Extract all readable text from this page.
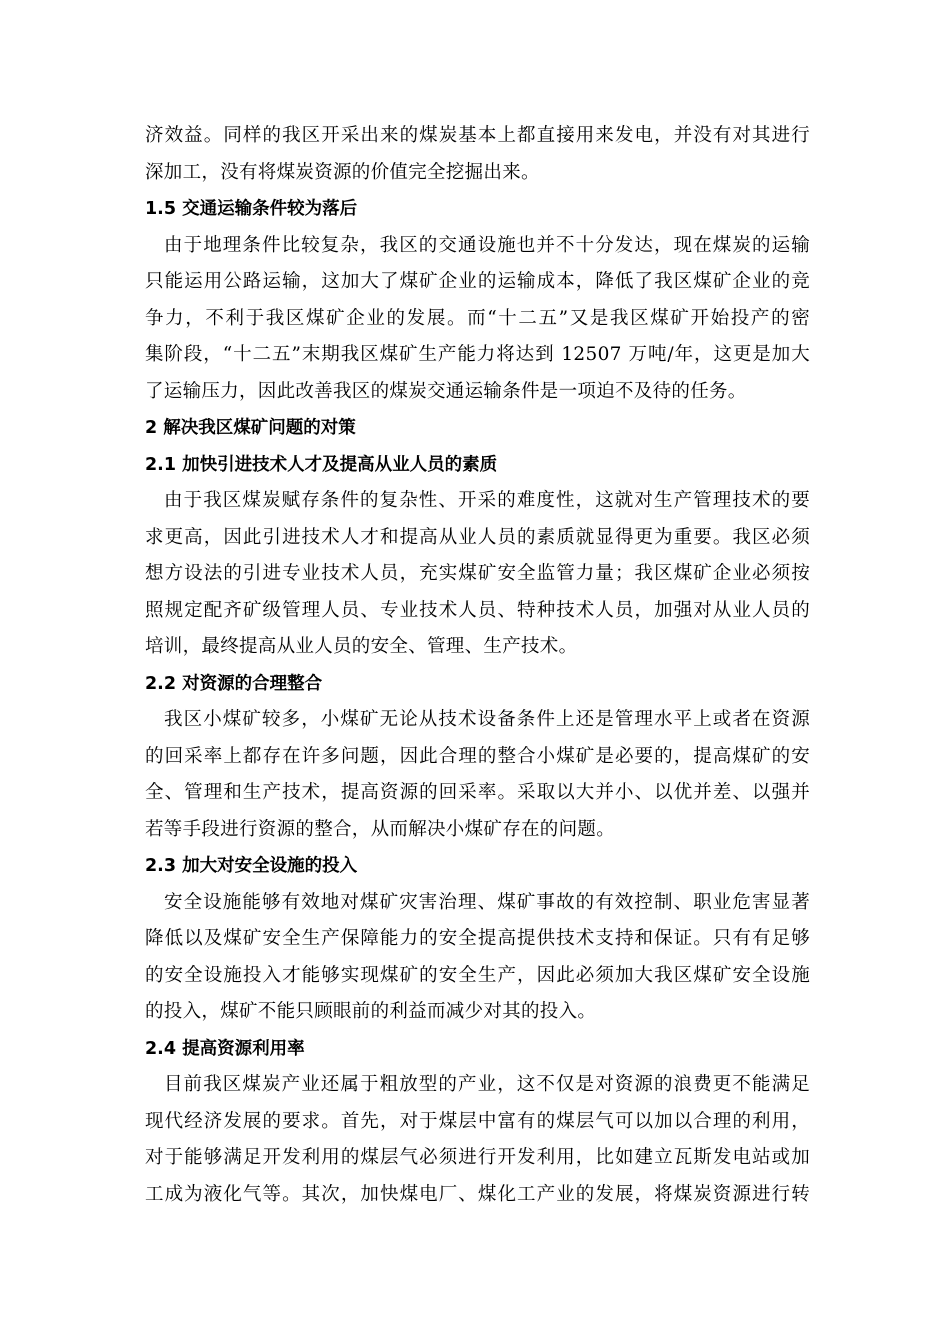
济效益。同样的我区开采出来的煤炭基本上都直接用来发电，并没有对其进行
深加工，没有将煤炭资源的价值完全挖掘出来。
1.5 交通运输条件较为落后
由于地理条件比较复杂，我区的交通设施也并不十分发达，现在煤炭的运输
只能运用公路运输，这加大了煤矿企业的运输成本，降低了我区煤矿企业的竞
争力，不利于我区煤矿企业的发展。而“十二五”又是我区煤矿开始投产的密
集阶段，“十二五”末期我区煤矿生产能力将达到 12507 万吨/年，这更是加大
了运输压力，因此改善我区的煤炭交通运输条件是一项迫不及待的任务。
2 解决我区煤矿问题的对策
2.1 加快引进技术人才及提高从业人员的素质
由于我区煤炭赋存条件的复杂性、开采的难度性，这就对生产管理技术的要
求更高，因此引进技术人才和提高从业人员的素质就显得更为重要。我区必须
想方设法的引进专业技术人员，充实煤矿安全监管力量；我区煤矿企业必须按
照规定配齐矿级管理人员、专业技术人员、特种技术人员，加强对从业人员的
培训，最终提高从业人员的安全、管理、生产技术。
2.2 对资源的合理整合
我区小煤矿较多，小煤矿无论从技术设备条件上还是管理水平上或者在资源
的回采率上都存在许多问题，因此合理的整合小煤矿是必要的，提高煤矿的安
全、管理和生产技术，提高资源的回采率。采取以大并小、以优并差、以强并
若等手段进行资源的整合，从而解决小煤矿存在的问题。
2.3 加大对安全设施的投入
安全设施能够有效地对煤矿灾害治理、煤矿事故的有效控制、职业危害显著
降低以及煤矿安全生产保障能力的安全提高提供技术支持和保证。只有有足够
的安全设施投入才能够实现煤矿的安全生产，因此必须加大我区煤矿安全设施
的投入，煤矿不能只顾眼前的利益而减少对其的投入。
2.4 提高资源利用率
目前我区煤炭产业还属于粗放型的产业，这不仅是对资源的浪费更不能满足
现代经济发展的要求。首先，对于煤层中富有的煤层气可以加以合理的利用，
对于能够满足开发利用的煤层气必须进行开发利用，比如建立瓦斯发电站或加
工成为液化气等。其次，加快煤电厂、煤化工产业的发展，将煤炭资源进行转
